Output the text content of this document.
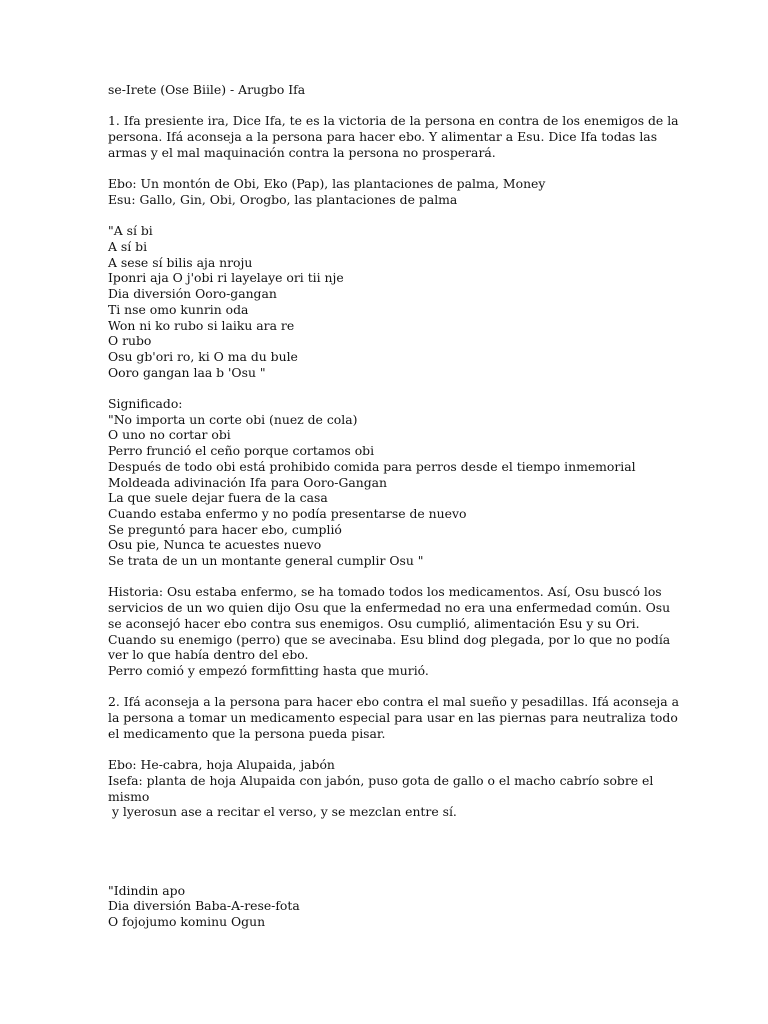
se-Irete (Ose Biile) - Arugbo Ifa
1. Ifa presiente ira, Dice Ifa, te es la victoria de la persona en contra de los enemigos de la
persona. Ifá aconseja a la persona para hacer ebo. Y alimentar a Esu. Dice Ifa todas las
armas y el mal maquinación contra la persona no prosperará.
Ebo: Un montón de Obi, Eko (Pap), las plantaciones de palma, Money
Esu: Gallo, Gin, Obi, Orogbo, las plantaciones de palma
"A sí bi
A sí bi
A sese sí bilis aja nroju
Iponri aja O j'obi ri layelaye ori tii nje
Dia diversión Ooro-gangan
Ti nse omo kunrin oda
Won ni ko rubo si laiku ara re
O rubo
Osu gb'ori ro, ki O ma du bule
Ooro gangan laa b 'Osu "
Significado:
"No importa un corte obi (nuez de cola)
O uno no cortar obi
Perro frunció el ceño porque cortamos obi
Después de todo obi está prohibido comida para perros desde el tiempo inmemorial
Moldeada adivinación Ifa para Ooro-Gangan
La que suele dejar fuera de la casa
Cuando estaba enfermo y no podía presentarse de nuevo
Se preguntó para hacer ebo, cumplió
Osu pie, Nunca te acuestes nuevo
Se trata de un un montante general cumplir Osu "
Historia: Osu estaba enfermo, se ha tomado todos los medicamentos. Así, Osu buscó los
servicios de un wo quien dijo Osu que la enfermedad no era una enfermedad común. Osu
se aconsejó hacer ebo contra sus enemigos. Osu cumplió, alimentación Esu y su Ori.
Cuando su enemigo (perro) que se avecinaba. Esu blind dog plegada, por lo que no podía
ver lo que había dentro del ebo.
Perro comió y empezó formfitting hasta que murió.
2. Ifá aconseja a la persona para hacer ebo contra el mal sueño y pesadillas. Ifá aconseja a
la persona a tomar un medicamento especial para usar en las piernas para neutraliza todo
el medicamento que la persona pueda pisar.
Ebo: He-cabra, hoja Alupaida, jabón
Isefa: planta de hoja Alupaida con jabón, puso gota de gallo o el macho cabrío sobre el
mismo
y lyerosun ase a recitar el verso, y se mezclan entre sí.
"Idindin apo
Dia diversión Baba-A-rese-fota
O fojojumo kominu Ogun
